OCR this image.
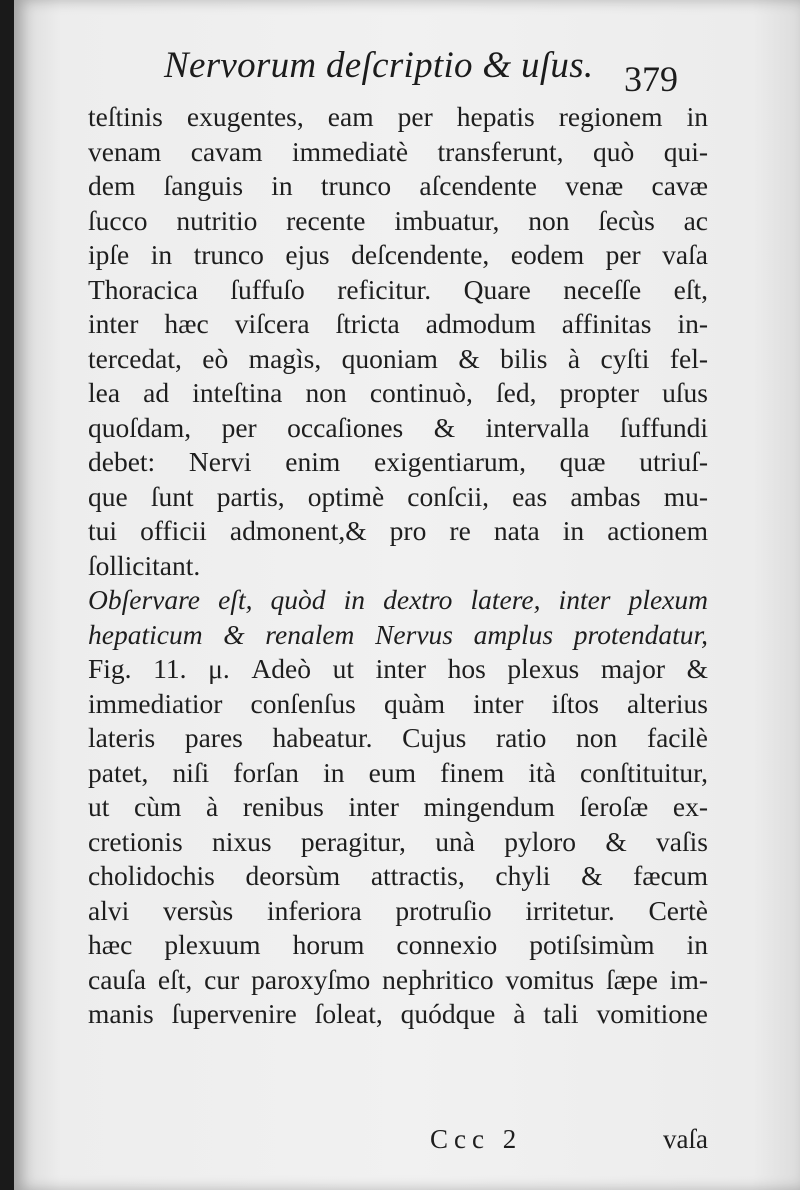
Nervorum deſcriptio & uſus. 379
teſtinis exugentes, eam per hepatis regionem in
venam cavam immediatè transferunt, quò qui-
dem ſanguis in trunco aſcendente venæ cavæ
ſucco nutritio recente imbuatur, non ſecùs ac
ipſe in trunco ejus deſcendente, eodem per vaſa
Thoracica ſuffuſo reficitur. Quare neceſſe eſt,
inter hæc viſcera ſtricta admodum affinitas in-
tercedat, eò magìs, quoniam & bilis à cyſti fel-
lea ad inteſtina non continuò, ſed, propter uſus
quoſdam, per occaſiones & intervalla ſuffundi
debet: Nervi enim exigentiarum, quæ utriuſ-
que ſunt partis, optimè conſcii, eas ambas mu-
tui officii admonent,& pro re nata in actionem
ſollicitant.
Obſervare eſt, quòd in dextro latere, inter plexum
hepaticum & renalem Nervus amplus protendatur,
Fig. 11. μ. Adeò ut inter hos plexus major &
immediatior conſenſus quàm inter iſtos alterius
lateris pares habeatur. Cujus ratio non facilè
patet, niſi forſan in eum finem ità conſtituitur,
ut cùm à renibus inter mingendum ſeroſæ ex-
cretionis nixus peragitur, unà pyloro & vaſis
cholidochis deorsùm attractis, chyli & fæcum
alvi versùs inferiora protruſio irritetur. Certè
hæc plexuum horum connexio potiſsimùm in
cauſa eſt, cur paroxyſmo nephritico vomitus ſæpe im-
manis ſupervenire ſoleat, quódque à tali vomitione
Ccc 2	vaſa
